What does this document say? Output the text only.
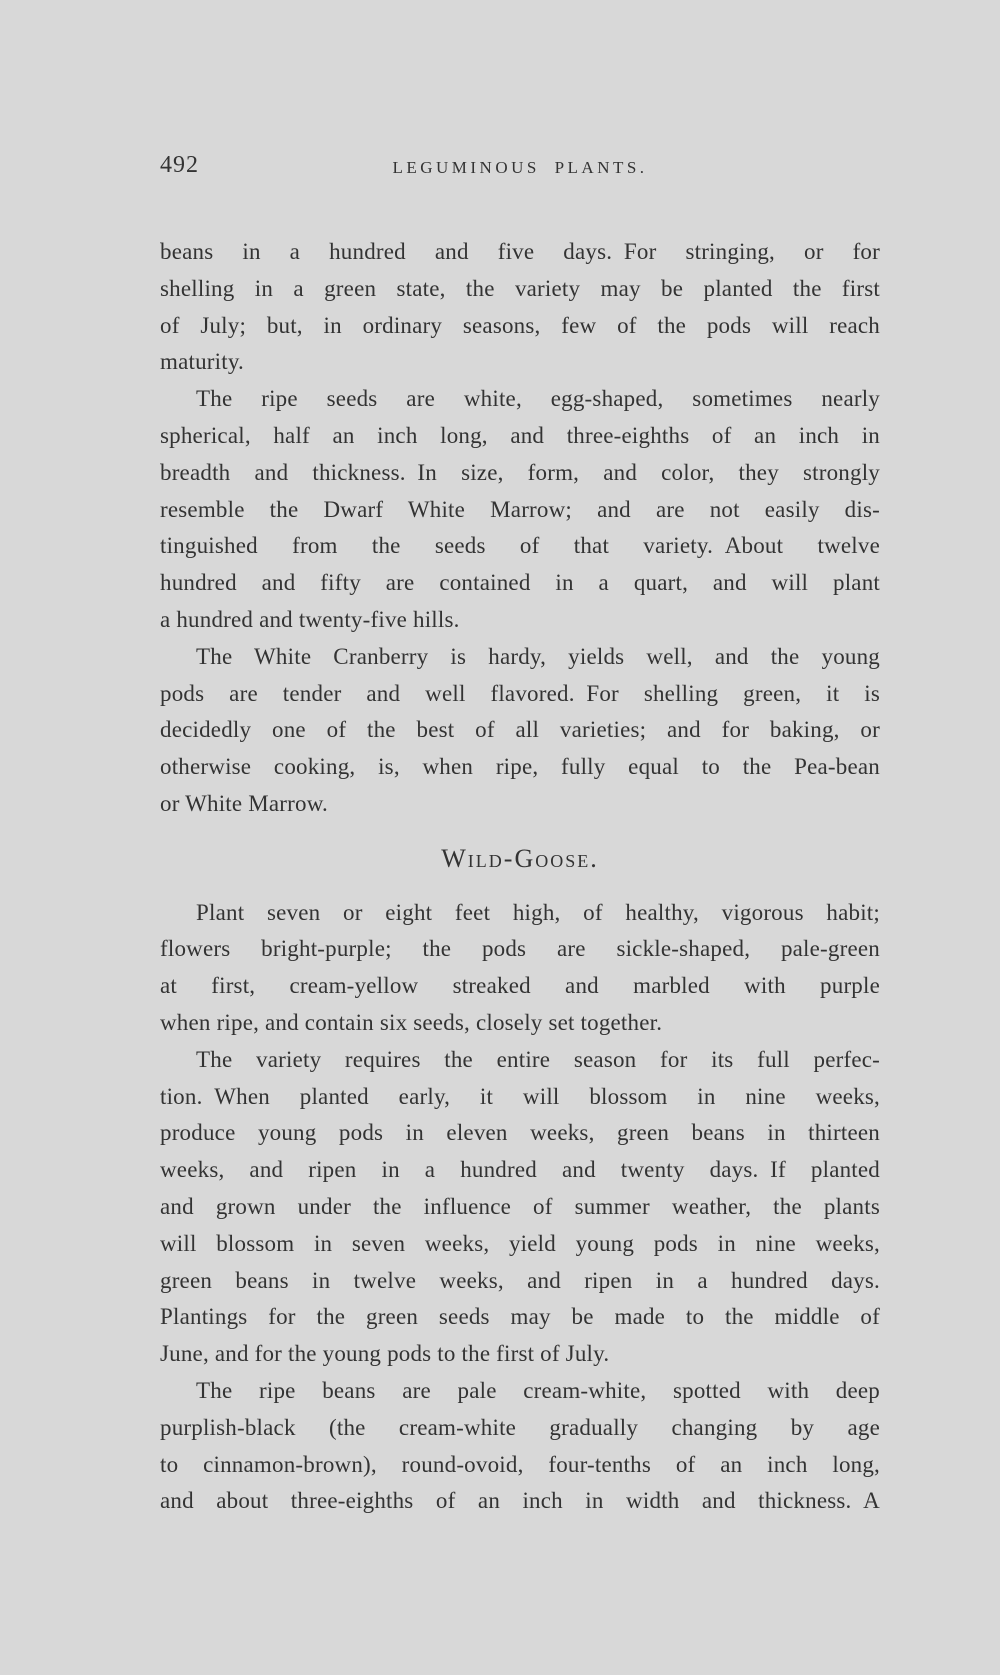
492	LEGUMINOUS PLANTS.
beans in a hundred and five days. For stringing, or for
shelling in a green state, the variety may be planted the first
of July; but, in ordinary seasons, few of the pods will reach
maturity.
The ripe seeds are white, egg-shaped, sometimes nearly
spherical, half an inch long, and three-eighths of an inch in
breadth and thickness. In size, form, and color, they strongly
resemble the Dwarf White Marrow; and are not easily dis-
tinguished from the seeds of that variety. About twelve
hundred and fifty are contained in a quart, and will plant
a hundred and twenty-five hills.
The White Cranberry is hardy, yields well, and the young
pods are tender and well flavored. For shelling green, it is
decidedly one of the best of all varieties; and for baking, or
otherwise cooking, is, when ripe, fully equal to the Pea-bean
or White Marrow.
Wild-Goose.
Plant seven or eight feet high, of healthy, vigorous habit;
flowers bright-purple; the pods are sickle-shaped, pale-green
at first, cream-yellow streaked and marbled with purple
when ripe, and contain six seeds, closely set together.
The variety requires the entire season for its full perfec-
tion. When planted early, it will blossom in nine weeks,
produce young pods in eleven weeks, green beans in thirteen
weeks, and ripen in a hundred and twenty days. If planted
and grown under the influence of summer weather, the plants
will blossom in seven weeks, yield young pods in nine weeks,
green beans in twelve weeks, and ripen in a hundred days.
Plantings for the green seeds may be made to the middle of
June, and for the young pods to the first of July.
The ripe beans are pale cream-white, spotted with deep
purplish-black (the cream-white gradually changing by age
to cinnamon-brown), round-ovoid, four-tenths of an inch long,
and about three-eighths of an inch in width and thickness. A
